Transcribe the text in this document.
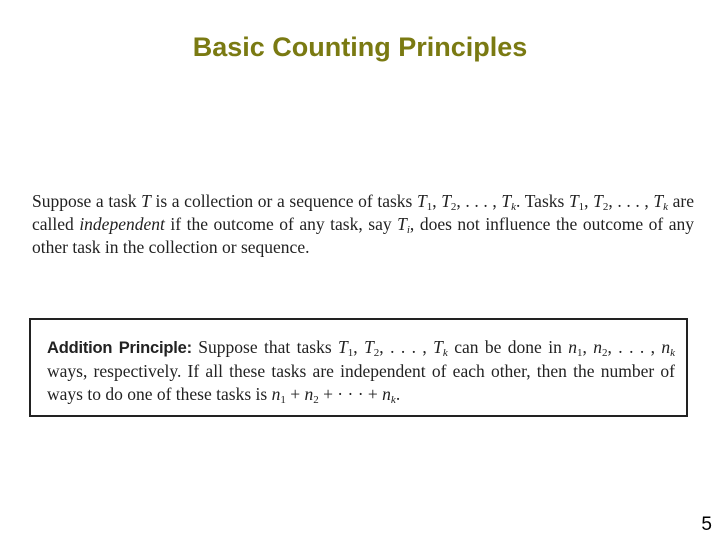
Basic Counting Principles
Suppose a task T is a collection or a sequence of tasks $T_1$, $T_2$, . . . , $T_k$. Tasks $T_1$, $T_2$, . . . , $T_k$ are called independent if the outcome of any task, say $T_i$, does not influence the outcome of any other task in the collection or sequence.
Addition Principle: Suppose that tasks $T_1$, $T_2$, . . . , $T_k$ can be done in $n_1$, $n_2$, . . . , $n_k$ ways, respectively. If all these tasks are independent of each other, then the number of ways to do one of these tasks is $n_1 + n_2$ + · · · + $n_k$.
5
